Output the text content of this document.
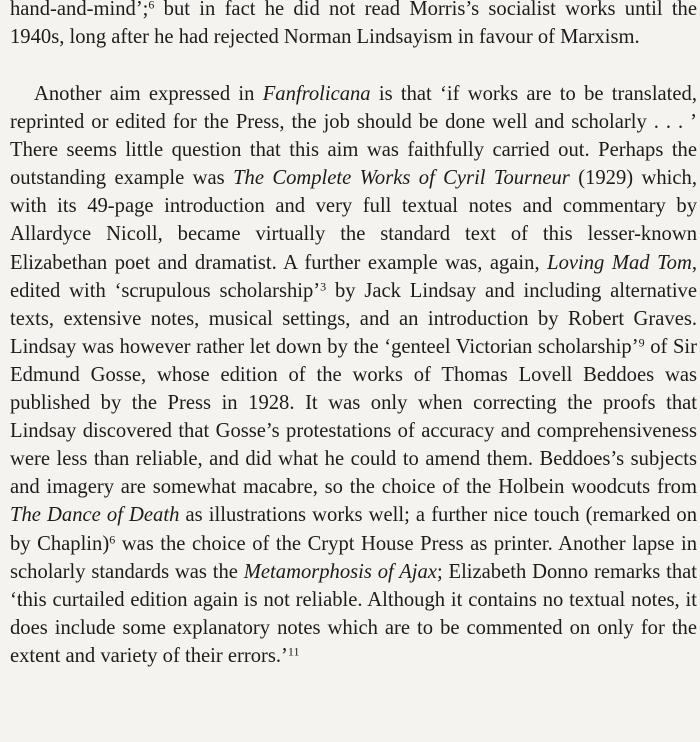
hand-and-mind’;$^6$ but in fact he did not read Morris’s socialist works until the 1940s, long after he had rejected Norman Lindsayism in favour of Marxism.

Another aim expressed in Fanfrolicana is that ‘if works are to be translated, reprinted or edited for the Press, the job should be done well and scholarly . . . ’ There seems little question that this aim was faithfully carried out. Perhaps the outstanding example was The Complete Works of Cyril Tourneur (1929) which, with its 49-page introduction and very full textual notes and commentary by Allardyce Nicoll, became virtually the standard text of this lesser-known Elizabethan poet and dramatist. A further example was, again, Loving Mad Tom, edited with ‘scrupulous scholarship’$^3$ by Jack Lindsay and including alternative texts, extensive notes, musical settings, and an introduction by Robert Graves. Lindsay was however rather let down by the ‘genteel Victorian scholarship’$^9$ of Sir Edmund Gosse, whose edition of the works of Thomas Lovell Beddoes was published by the Press in 1928. It was only when correcting the proofs that Lindsay discovered that Gosse’s protestations of accuracy and comprehensiveness were less than reliable, and did what he could to amend them. Beddoes’s subjects and imagery are somewhat macabre, so the choice of the Holbein woodcuts from The Dance of Death as illustrations works well; a further nice touch (remarked on by Chaplin)$^6$ was the choice of the Crypt House Press as printer. Another lapse in scholarly standards was the Metamorphosis of Ajax; Elizabeth Donno remarks that ‘this curtailed edition again is not reliable. Although it contains no textual notes, it does include some explanatory notes which are to be commented on only for the extent and variety of their errors.’$^{11}$
